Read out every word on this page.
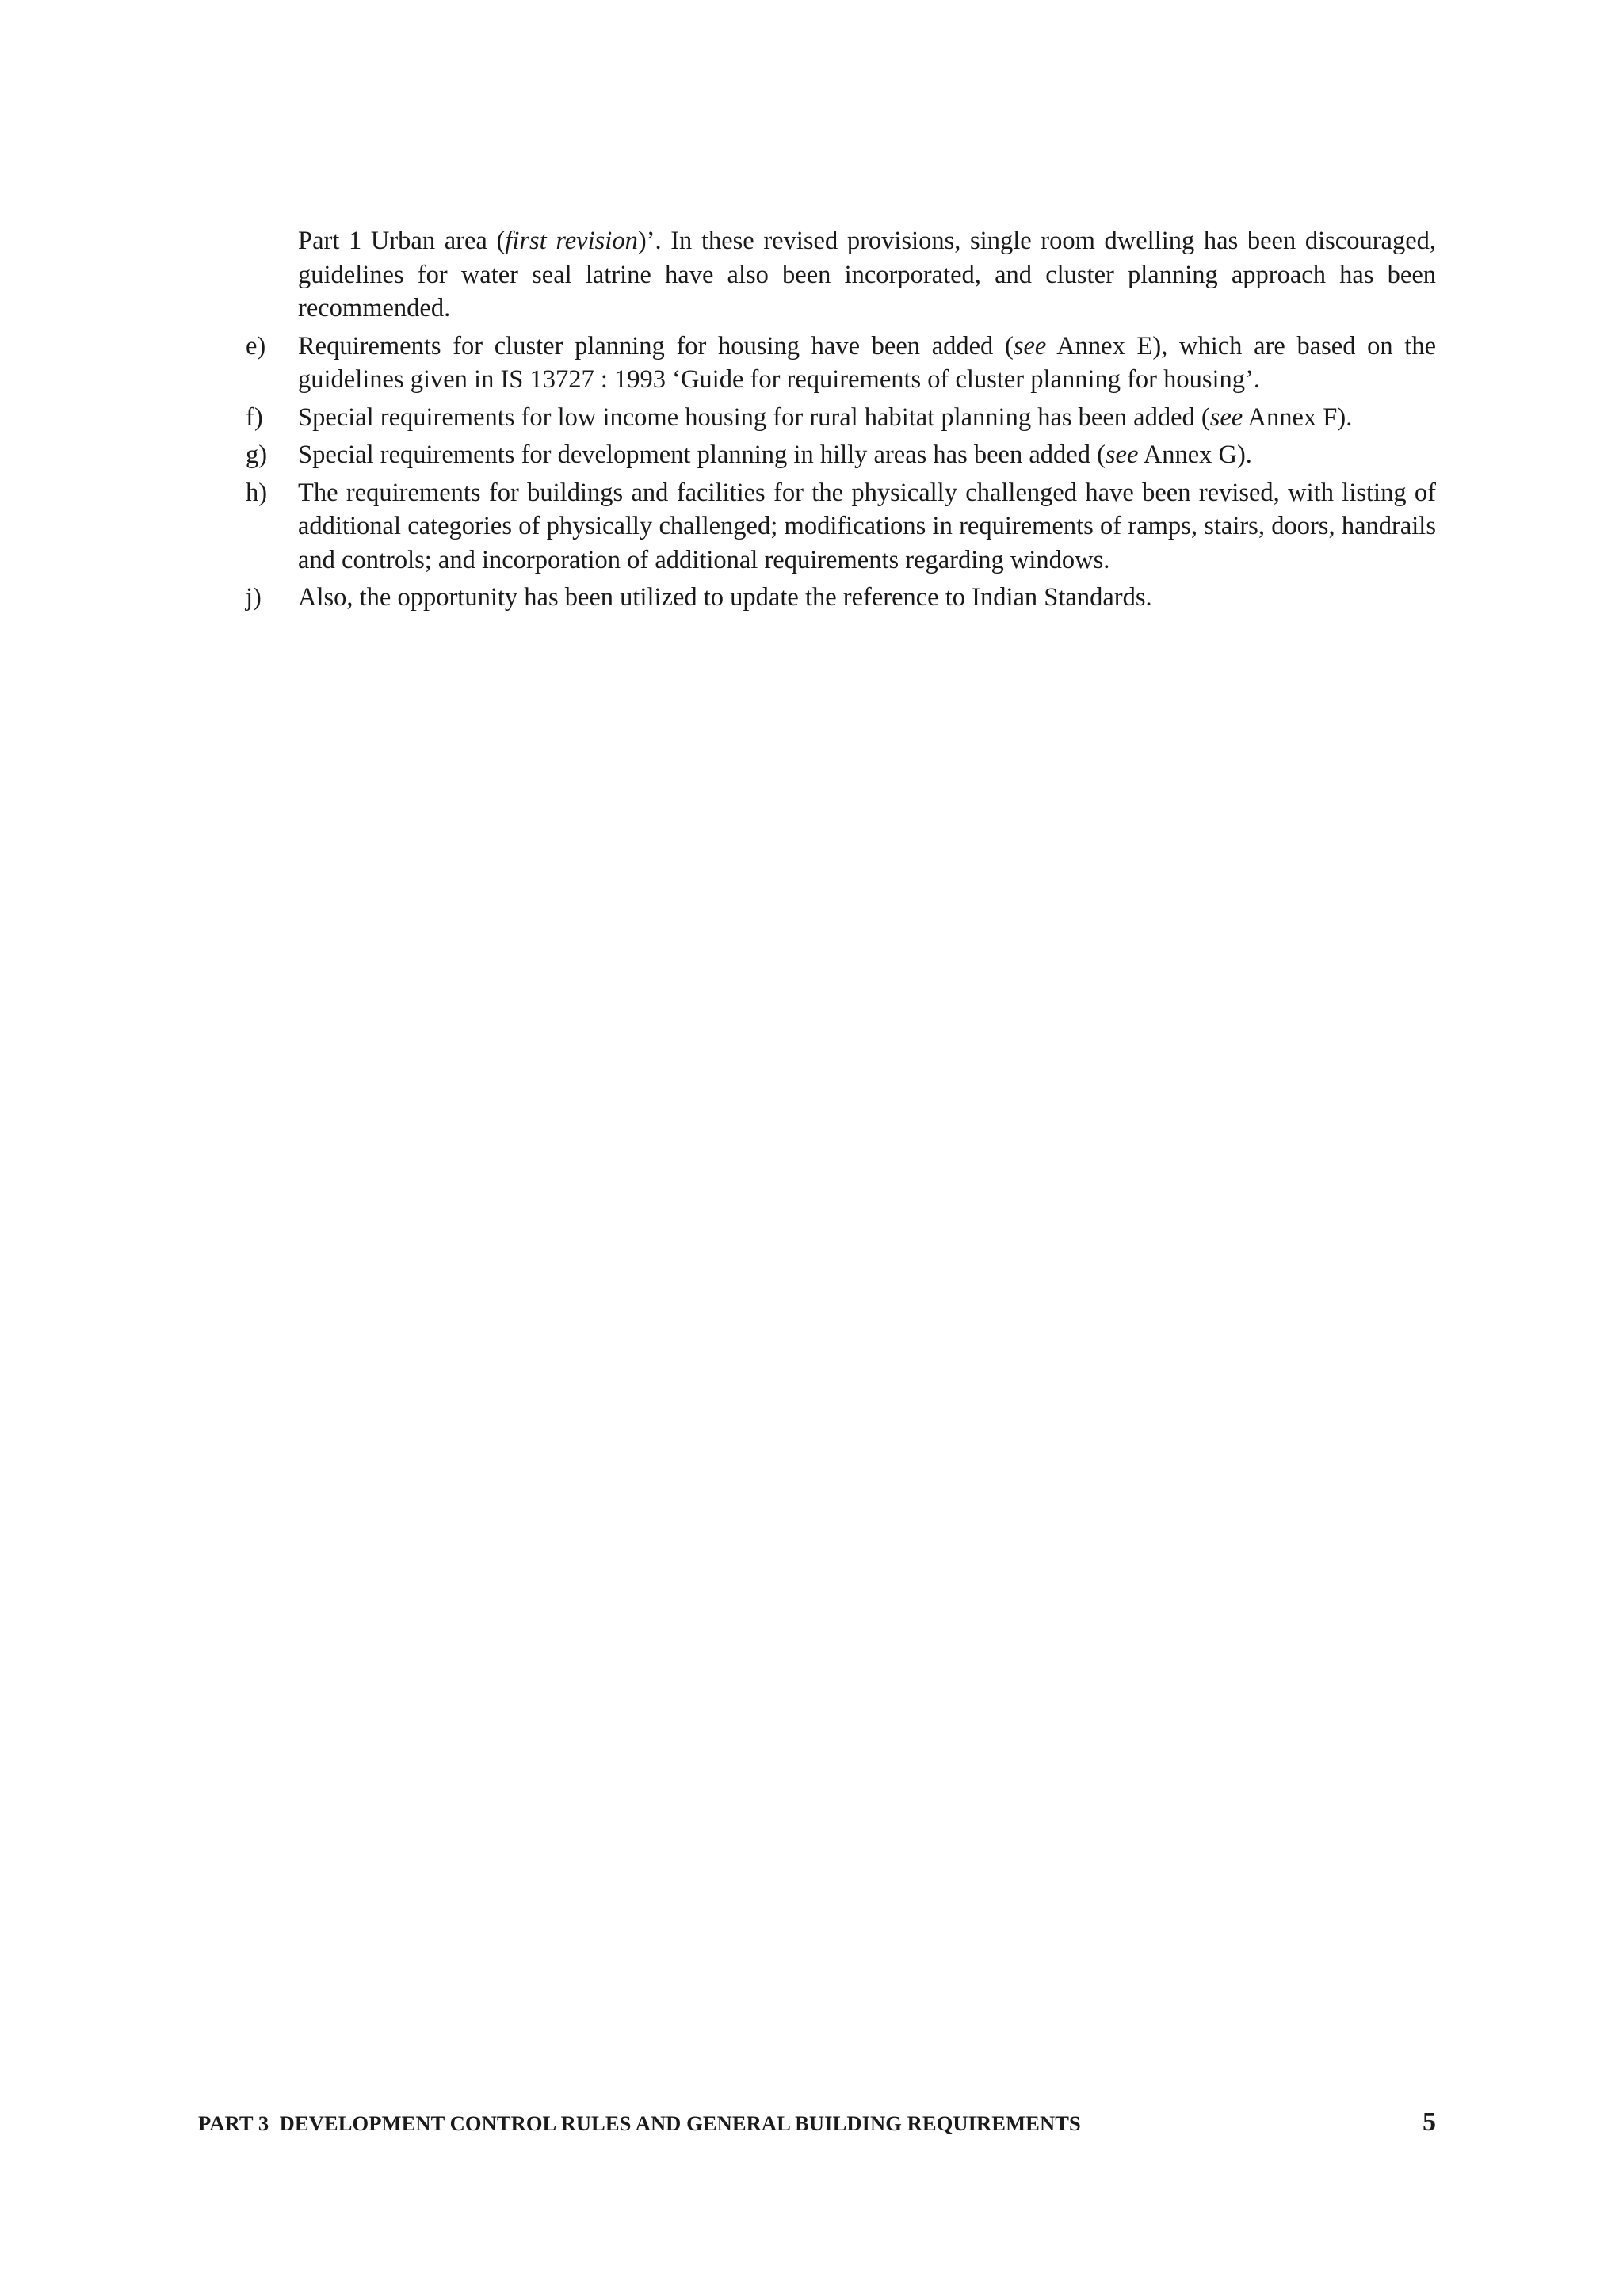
Part 1 Urban area (first revision)’. In these revised provisions, single room dwelling has been discouraged, guidelines for water seal latrine have also been incorporated, and cluster planning approach has been recommended.

e)	Requirements for cluster planning for housing have been added (see Annex E), which are based on the guidelines given in IS 13727 : 1993 ‘Guide for requirements of cluster planning for housing’.
f)	Special requirements for low income housing for rural habitat planning has been added (see Annex F).
g)	Special requirements for development planning in hilly areas has been added (see Annex G).
h)	The requirements for buildings and facilities for the physically challenged have been revised, with listing of additional categories of physically challenged; modifications in requirements of ramps, stairs, doors, handrails and controls; and incorporation of additional requirements regarding windows.
j)	Also, the opportunity has been utilized to update the reference to Indian Standards.
PART 3  DEVELOPMENT CONTROL RULES AND GENERAL BUILDING REQUIREMENTS	5
